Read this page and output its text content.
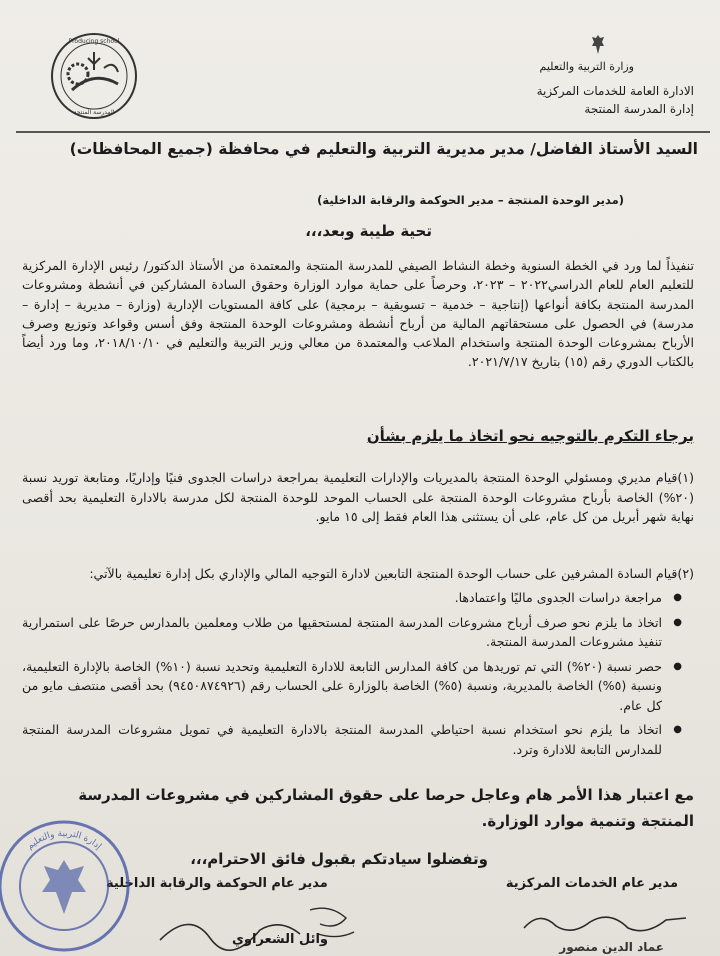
وزارة التربية والتعليم
الادارة العامة للخدمات المركزية
إدارة المدرسة المنتجة
Producing school
المدرسة المنتجة
السيد الأستاذ الفاضل/ مدير مديرية التربية والتعليم في محافظة (جميع المحافظات)
(مدير الوحدة المنتجة – مدير الحوكمة والرقابة الداخلية)
تحية طيبة وبعد،،،
تنفيذاً لما ورد في الخطة السنوية وخطة النشاط الصيفي للمدرسة المنتجة والمعتمدة من الأستاذ الدكتور/ رئيس الإدارة المركزية للتعليم العام للعام الدراسي٢٠٢٢ – ٢٠٢٣، وحرصاً على حماية موارد الوزارة وحقوق السادة المشاركين في أنشطة ومشروعات المدرسة المنتجة بكافة أنواعها (إنتاجية – خدمية – تسويقية – برمجية) على كافة المستويات الإدارية (وزارة – مديرية – إدارة – مدرسة) في الحصول على مستحقاتهم المالية من أرباح أنشطة ومشروعات الوحدة المنتجة وفق أسس وقواعد وتوزيع وصرف الأرباح بمشروعات الوحدة المنتجة واستخدام الملاعب والمعتمدة من معالي وزير التربية والتعليم في ٢٠١٨/١٠/١٠، وما ورد أيضاً بالكتاب الدوري رقم (١٥) بتاريخ ٢٠٢١/٧/١٧.
برجاء التكرم بالتوجيه نحو اتخاذ ما يلزم بشأن
(١)قيام مديري ومسئولي الوحدة المنتجة بالمديريات والإدارات التعليمية بمراجعة دراسات الجدوى فنيًا وإداريًا، ومتابعة توريد نسبة (٢٠%) الخاصة بأرباح مشروعات الوحدة المنتجة على الحساب الموحد للوحدة المنتجة لكل مدرسة بالادارة التعليمية بحد أقصى نهاية شهر أبريل من كل عام، على أن يستثنى هذا العام فقط إلى ١٥ مايو.
(٢)قيام السادة المشرفين على حساب الوحدة المنتجة التابعين لادارة التوجيه المالي والإداري بكل إدارة تعليمية بالآتي:
● مراجعة دراسات الجدوى ماليًا واعتمادها.
● اتخاذ ما يلزم نحو صرف أرباح مشروعات المدرسة المنتجة لمستحقيها من طلاب ومعلمين بالمدارس حرصًا على استمرارية تنفيذ مشروعات المدرسة المنتجة.
● حصر نسبة (٢٠%) التي تم توريدها من كافة المدارس التابعة للادارة التعليمية وتحديد نسبة (١٠%) الخاصة بالإدارة التعليمية، ونسبة (٥%) الخاصة بالمديرية، ونسبة (٥%) الخاصة بالوزارة على الحساب رقم (٩٤٥٠٨٧٤٩٢٦) بحد أقصى منتصف مايو من كل عام.
● اتخاذ ما يلزم نحو استخدام نسبة احتياطي المدرسة المنتجة بالادارة التعليمية في تمويل مشروعات المدرسة المنتجة للمدارس التابعة للادارة وترد.
مع اعتبار هذا الأمر هام وعاجل حرصا على حقوق المشاركين في مشروعات المدرسة المنتجة وتنمية موارد الوزارة.
وتفضلوا سيادتكم بقبول فائق الاحترام،،،
مدير عام الحوكمة والرقابة الداخلية	مدير عام الخدمات المركزية
وائل الشعراوي	عماد الدين منصور
إدارة التربية والتعليم
